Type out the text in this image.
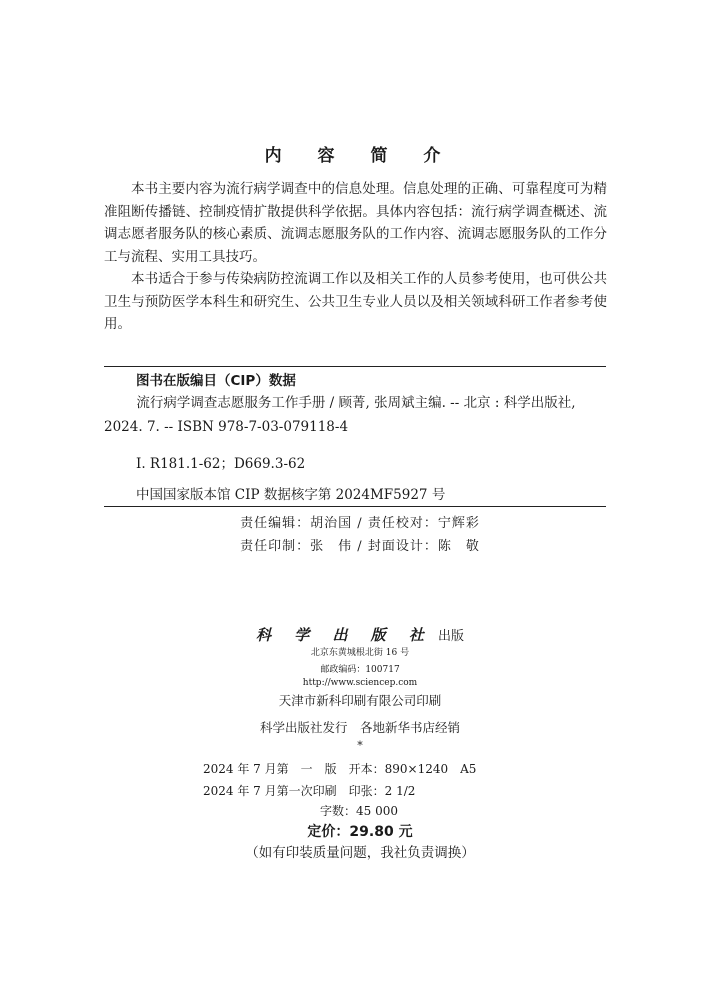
内 容 简 介

本书主要内容为流行病学调查中的信息处理。信息处理的正确、可靠程度可为精准阻断传播链、控制疫情扩散提供科学依据。具体内容包括：流行病学调查概述、流调志愿者服务队的核心素质、流调志愿服务队的工作内容、流调志愿服务队的工作分工与流程、实用工具技巧。

本书适合于参与传染病防控流调工作以及相关工作的人员参考使用，也可供公共卫生与预防医学本科生和研究生、公共卫生专业人员以及相关领域科研工作者参考使用。

图书在版编目（CIP）数据

流行病学调查志愿服务工作手册 / 顾菁, 张周斌主编. -- 北京 : 科学出版社, 2024. 7. -- ISBN 978-7-03-079118-4

Ⅰ. R181.1-62；D669.3-62
中国国家版本馆 CIP 数据核字第 2024MF5927 号
责任编辑：胡治国 / 责任校对：宁辉彩
责任印制：张　伟 / 封面设计：陈　敬
科 学 出 版 社 出版
北京东黄城根北街 16 号
邮政编码：100717
http://www.sciencep.com
天津市新科印刷有限公司印刷
科学出版社发行　各地新华书店经销
*
2024 年 7 月第　一　版　开本：890×1240　A5
2024 年 7 月第一次印刷　印张：2 1/2
字数：45 000
定价：29.80 元
（如有印装质量问题，我社负责调换）
